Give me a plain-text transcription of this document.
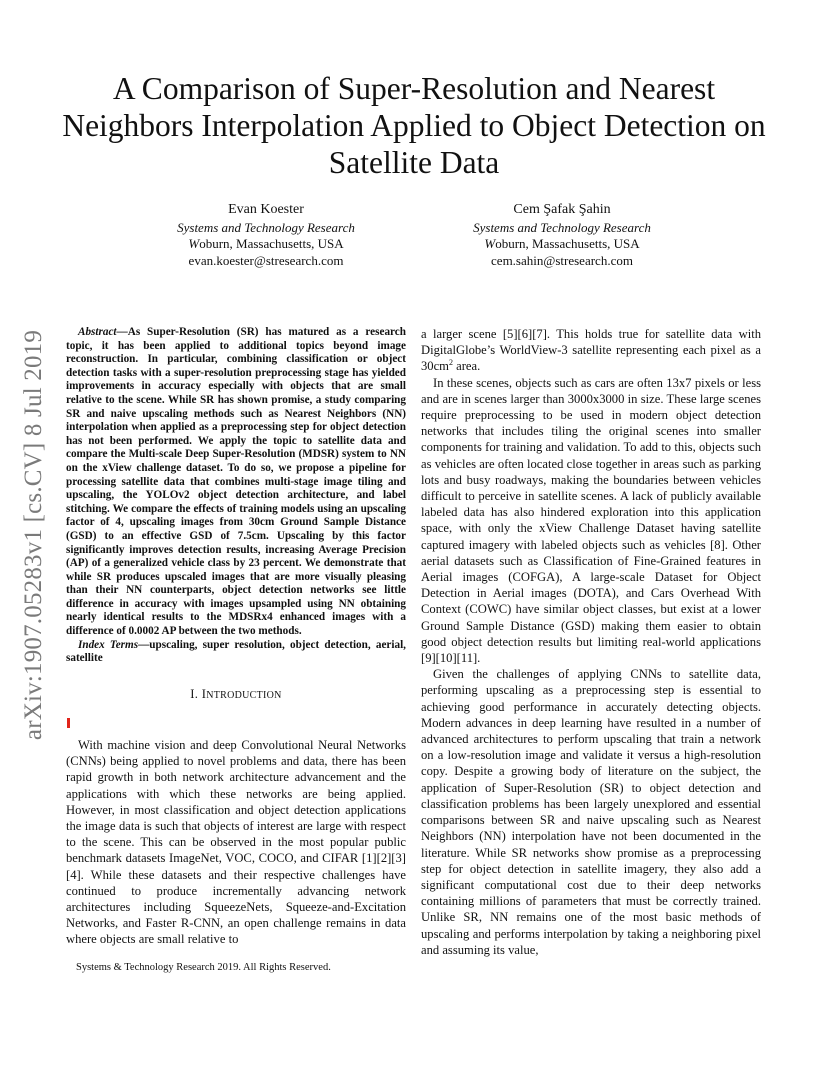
A Comparison of Super-Resolution and Nearest Neighbors Interpolation Applied to Object Detection on Satellite Data
Evan Koester
Systems and Technology Research
Woburn, Massachusetts, USA
evan.koester@stresearch.com
Cem Şafak Şahin
Systems and Technology Research
Woburn, Massachusetts, USA
cem.sahin@stresearch.com
arXiv:1907.05283v1 [cs.CV] 8 Jul 2019	Abstract—As Super-Resolution (SR) has matured as a research topic, it has been applied to additional topics beyond image reconstruction. In particular, combining classification or object detection tasks with a super-resolution preprocessing stage has yielded improvements in accuracy especially with objects that are small relative to the scene. While SR has shown promise, a study comparing SR and naive upscaling methods such as Nearest Neighbors (NN) interpolation when applied as a preprocessing step for object detection has not been performed. We apply the topic to satellite data and compare the Multi-scale Deep Super-Resolution (MDSR) system to NN on the xView challenge dataset. To do so, we propose a pipeline for processing satellite data that combines multi-stage image tiling and upscaling, the YOLOv2 object detection architecture, and label stitching. We compare the effects of training models using an upscaling factor of 4, upscaling images from 30cm Ground Sample Distance (GSD) to an effective GSD of 7.5cm. Upscaling by this factor significantly improves detection results, increasing Average Precision (AP) of a generalized vehicle class by 23 percent. We demonstrate that while SR produces upscaled images that are more visually pleasing than their NN counterparts, object detection networks see little difference in accuracy with images upsampled using NN obtaining nearly identical results to the MDSRx4 enhanced images with a difference of 0.0002 AP between the two methods.

Index Terms—upscaling, super resolution, object detection, aerial, satellite

I. INTRODUCTION

With machine vision and deep Convolutional Neural Networks (CNNs) being applied to novel problems and data, there has been rapid growth in both network architecture advancement and the applications with which these networks are being applied. However, in most classification and object detection applications the image data is such that objects of interest are large with respect to the scene. This can be observed in the most popular public benchmark datasets ImageNet, VOC, COCO, and CIFAR [1][2][3][4]. While these datasets and their respective challenges have continued to produce incrementally advancing network architectures including SqueezeNets, Squeeze-and-Excitation Networks, and Faster R-CNN, an open challenge remains in data where objects are small relative to

Systems & Technology Research 2019. All Rights Reserved.

a larger scene [5][6][7]. This holds true for satellite data with DigitalGlobe’s WorldView-3 satellite representing each pixel as a $30cm^2$ area.

In these scenes, objects such as cars are often 13x7 pixels or less and are in scenes larger than 3000x3000 in size. These large scenes require preprocessing to be used in modern object detection networks that includes tiling the original scenes into smaller components for training and validation. To add to this, objects such as vehicles are often located close together in areas such as parking lots and busy roadways, making the boundaries between vehicles difficult to perceive in satellite scenes. A lack of publicly available labeled data has also hindered exploration into this application space, with only the xView Challenge Dataset having satellite captured imagery with labeled objects such as vehicles [8]. Other aerial datasets such as Classification of Fine-Grained features in Aerial images (COFGA), A large-scale Dataset for Object Detection in Aerial images (DOTA), and Cars Overhead With Context (COWC) have similar object classes, but exist at a lower Ground Sample Distance (GSD) making them easier to obtain good object detection results but limiting real-world applications [9][10][11].

Given the challenges of applying CNNs to satellite data, performing upscaling as a preprocessing step is essential to achieving good performance in accurately detecting objects. Modern advances in deep learning have resulted in a number of advanced architectures to perform upscaling that train a network on a low-resolution image and validate it versus a high-resolution copy. Despite a growing body of literature on the subject, the application of Super-Resolution (SR) to object detection and classification problems has been largely unexplored and essential comparisons between SR and naive upscaling such as Nearest Neighbors (NN) interpolation have not been documented in the literature. While SR networks show promise as a preprocessing step for object detection in satellite imagery, they also add a significant computational cost due to their deep networks containing millions of parameters that must be correctly trained. Unlike SR, NN remains one of the most basic methods of upscaling and performs interpolation by taking a neighboring pixel and assuming its value,
